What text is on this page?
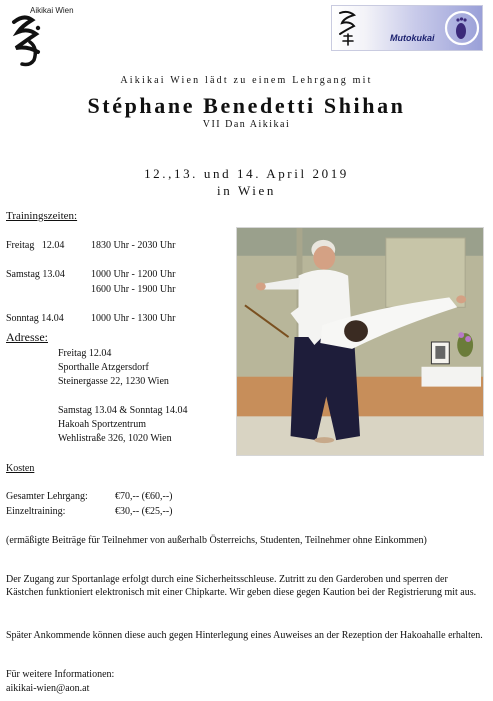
Aikikai Wien
Mutokukai
Aikikai Wien lädt zu einem Lehrgang mit
Stéphane Benedetti Shihan
VII Dan Aikikai
12.,13. und 14. April 2019
in Wien
Trainingszeiten:
Freitag   12.04	1830 Uhr - 2030 Uhr
Samstag 13.04	1000 Uhr - 1200 Uhr
1600 Uhr - 1900 Uhr
Sonntag 14.04	1000 Uhr - 1300 Uhr
Adresse:
Freitag 12.04
Sporthalle Atzgersdorf
Steinergasse 22, 1230 Wien
Samstag 13.04 & Sonntag 14.04
Hakoah Sportzentrum
Wehlistraße 326, 1020 Wien
Kosten
Gesamter Lehrgang:	€70,-- (€60,--)
Einzeltraining:	€30,-- (€25,--)
(ermäßigte Beiträge für Teilnehmer von außerhalb Österreichs, Studenten, Teilnehmer ohne Einkommen)
Der Zugang zur Sportanlage erfolgt durch eine Sicherheitsschleuse. Zutritt zu den Garderoben und sperren der Kästchen funktioniert elektronisch mit einer Chipkarte. Wir geben diese gegen Kaution bei der Registrierung mit aus.
Später Ankommende können diese auch gegen Hinterlegung eines Auweises an der Rezeption der Hakoahalle erhalten.
Für weitere Informationen:
aikikai-wien@aon.at
